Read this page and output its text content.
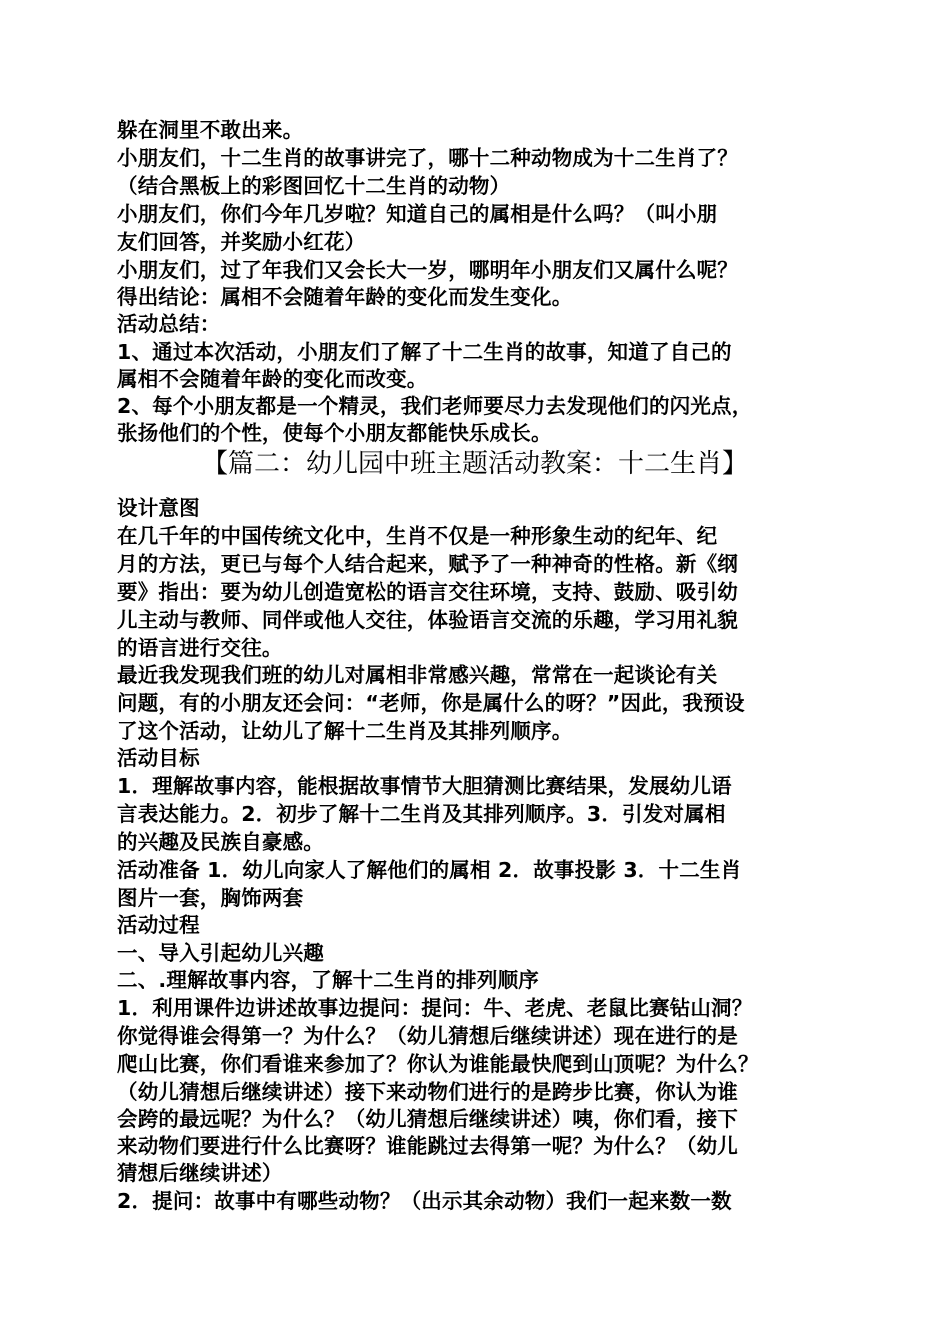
躲在洞里不敢出来。
小朋友们，十二生肖的故事讲完了，哪十二种动物成为十二生肖了？
（结合黑板上的彩图回忆十二生肖的动物）
小朋友们，你们今年几岁啦？知道自己的属相是什么吗？（叫小朋
友们回答，并奖励小红花）
小朋友们，过了年我们又会长大一岁，哪明年小朋友们又属什么呢？
得出结论：属相不会随着年龄的变化而发生变化。
活动总结：
1、通过本次活动，小朋友们了解了十二生肖的故事，知道了自己的
属相不会随着年龄的变化而改变。
2、每个小朋友都是一个精灵，我们老师要尽力去发现他们的闪光点，
张扬他们的个性，使每个小朋友都能快乐成长。
【篇二：幼儿园中班主题活动教案：十二生肖】
设计意图
在几千年的中国传统文化中，生肖不仅是一种形象生动的纪年、纪
月的方法，更已与每个人结合起来，赋予了一种神奇的性格。新《纲
要》指出：要为幼儿创造宽松的语言交往环境，支持、鼓励、吸引幼
儿主动与教师、同伴或他人交往，体验语言交流的乐趣，学习用礼貌
的语言进行交往。
最近我发现我们班的幼儿对属相非常感兴趣，常常在一起谈论有关
问题，有的小朋友还会问：“老师，你是属什么的呀？”因此，我预设
了这个活动，让幼儿了解十二生肖及其排列顺序。
活动目标
1．理解故事内容，能根据故事情节大胆猜测比赛结果，发展幼儿语
言表达能力。2．初步了解十二生肖及其排列顺序。3．引发对属相
的兴趣及民族自豪感。
活动准备 1．幼儿向家人了解他们的属相 2．故事投影 3．十二生肖
图片一套，胸饰两套
活动过程
一、导入引起幼儿兴趣
二、.理解故事内容，了解十二生肖的排列顺序
1．利用课件边讲述故事边提问：提问：牛、老虎、老鼠比赛钻山洞？
你觉得谁会得第一？为什么？（幼儿猜想后继续讲述）现在进行的是
爬山比赛，你们看谁来参加了？你认为谁能最快爬到山顶呢？为什么？
（幼儿猜想后继续讲述）接下来动物们进行的是跨步比赛，你认为谁
会跨的最远呢？为什么？（幼儿猜想后继续讲述）咦，你们看，接下
来动物们要进行什么比赛呀？谁能跳过去得第一呢？为什么？（幼儿
猜想后继续讲述）
2．提问：故事中有哪些动物？（出示其余动物）我们一起来数一数
